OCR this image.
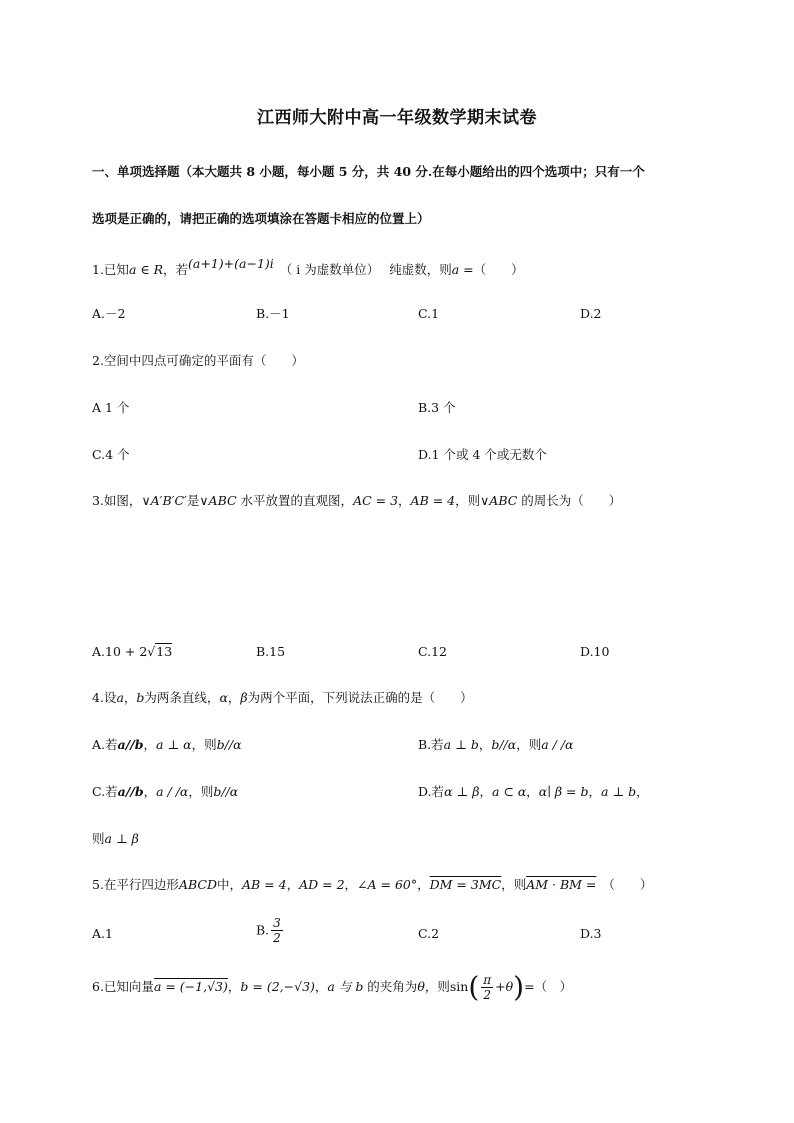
江西师大附中高一年级数学期末试卷
一、单项选择题（本大题共 8 小题，每小题 5 分，共 40 分.在每小题给出的四个选项中；只有一个
选项是正确的，请把正确的选项填涂在答题卡相应的位置上）
1.已知a ∈ R，若(a+1)+(a−1)i （ i 为虚数单位） 纯虚数，则a =（　　）
A.－2	B.－1	C.1	D.2
2.空间中四点可确定的平面有（　　）
A 1 个	B.3 个
C.4 个	D.1 个或 4 个或无数个
3.如图，∨A′B′C′是∨ABC 水平放置的直观图，AC = 3，AB = 4，则∨ABC 的周长为（　　）
A.10 + 2√13	B.15	C.12	D.10
4.设a，b为两条直线，α，β为两个平面，下列说法正确的是（　　）
A.若a//b，a ⊥ α，则b//α	B.若a ⊥ b，b//α，则a / /α
C.若a//b，a / /α，则b//α	D.若α ⊥ β，a ⊂ α，α∣ β = b，a ⊥ b，
则a ⊥ β
5.在平行四边形ABCD中，AB = 4，AD = 2，∠A = 60°，DM = 3MC，则AM · BM = （　　）
A.1	B. $\frac{3}{2}$	C.2	D.3
6.已知向量a = (−1,√3)，b = (2,−√3)，a 与 b 的夹角为θ，则$\sin( \frac{\pi}{2} +\theta)=$（　）
